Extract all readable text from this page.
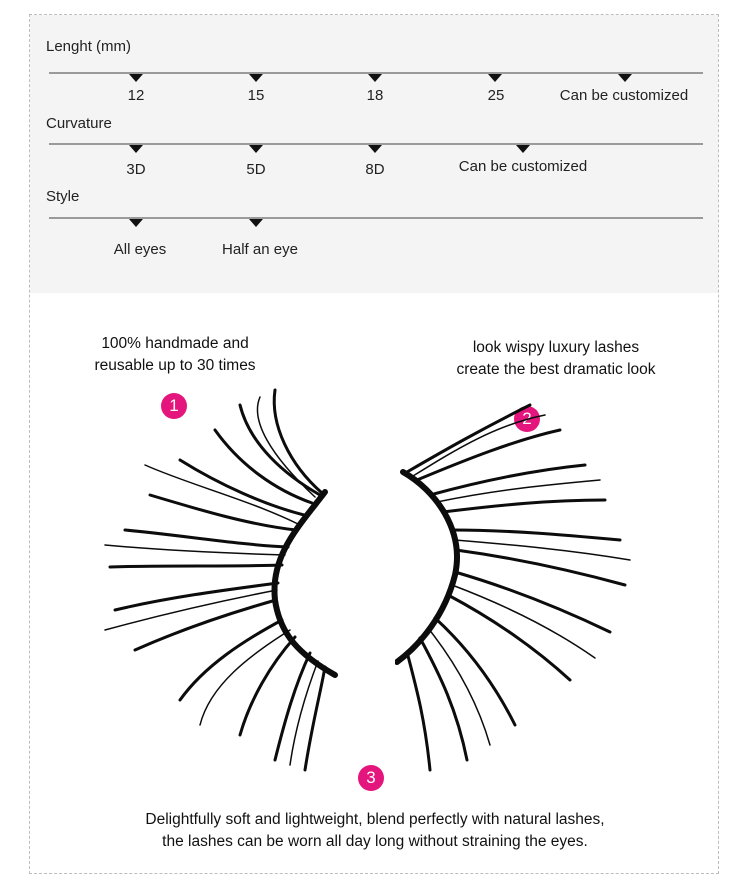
Lenght (mm)
12	15	18	25	Can be customized
Curvature
3D	5D	8D	Can be customized
Style
All eyes	Half an eye
100% handmade and
reusable up to 30 times
look wispy luxury lashes
create the best dramatic look
1
2
3
Delightfully soft and lightweight, blend perfectly with natural lashes,
the lashes can be worn all day long without straining the eyes.
